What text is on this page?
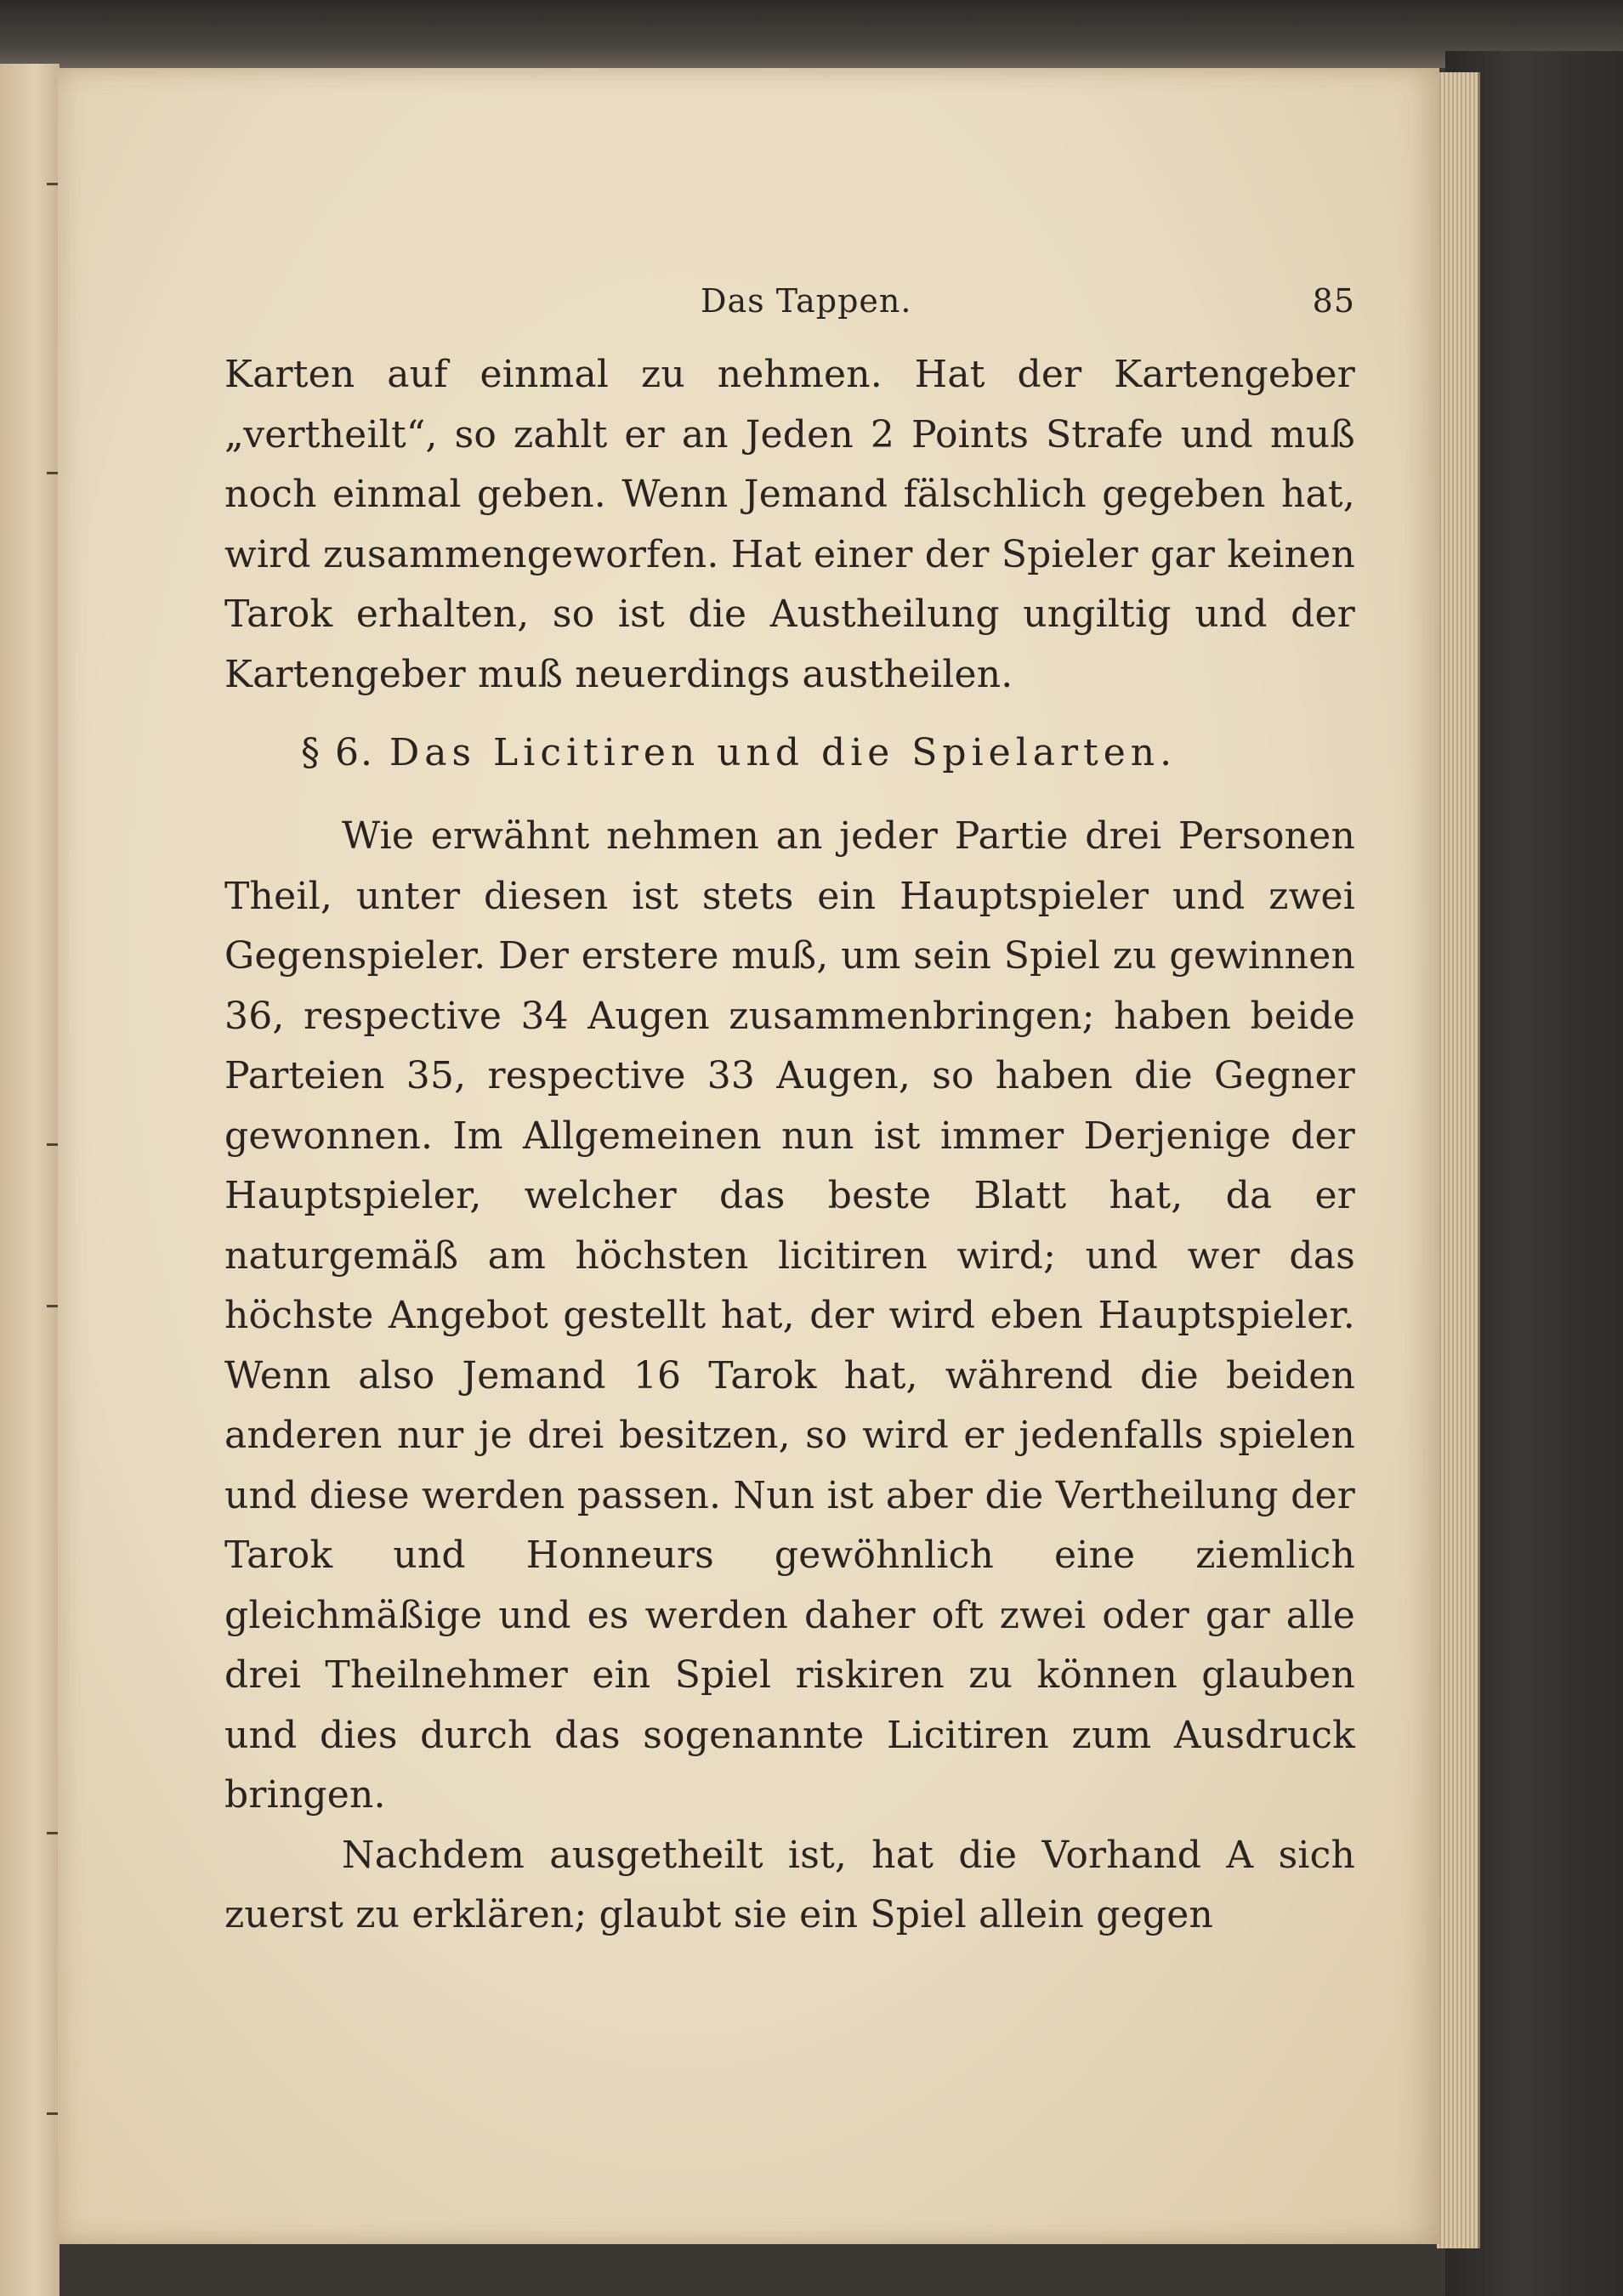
Das Tappen.	85

Karten auf einmal zu nehmen. Hat der Kartengeber „vertheilt“, so zahlt er an Jeden 2 Points Strafe und muß noch einmal geben. Wenn Jemand fälschlich gegeben hat, wird zusammengeworfen. Hat einer der Spieler gar keinen Tarok erhalten, so ist die Austheilung ungiltig und der Kartengeber muß neuerdings austheilen.

§ 6. Das Licitiren und die Spielarten.

Wie erwähnt nehmen an jeder Partie drei Personen Theil, unter diesen ist stets ein Hauptspieler und zwei Gegenspieler. Der erstere muß, um sein Spiel zu gewinnen 36, respective 34 Augen zusammenbringen; haben beide Parteien 35, respective 33 Augen, so haben die Gegner gewonnen. Im Allgemeinen nun ist immer Derjenige der Hauptspieler, welcher das beste Blatt hat, da er naturgemäß am höchsten licitiren wird; und wer das höchste Angebot gestellt hat, der wird eben Hauptspieler. Wenn also Jemand 16 Tarok hat, während die beiden anderen nur je drei besitzen, so wird er jedenfalls spielen und diese werden passen. Nun ist aber die Vertheilung der Tarok und Honneurs gewöhnlich eine ziemlich gleichmäßige und es werden daher oft zwei oder gar alle drei Theilnehmer ein Spiel riskiren zu können glauben und dies durch das sogenannte Licitiren zum Ausdruck bringen.

Nachdem ausgetheilt ist, hat die Vorhand A sich zuerst zu erklären; glaubt sie ein Spiel allein gegen
